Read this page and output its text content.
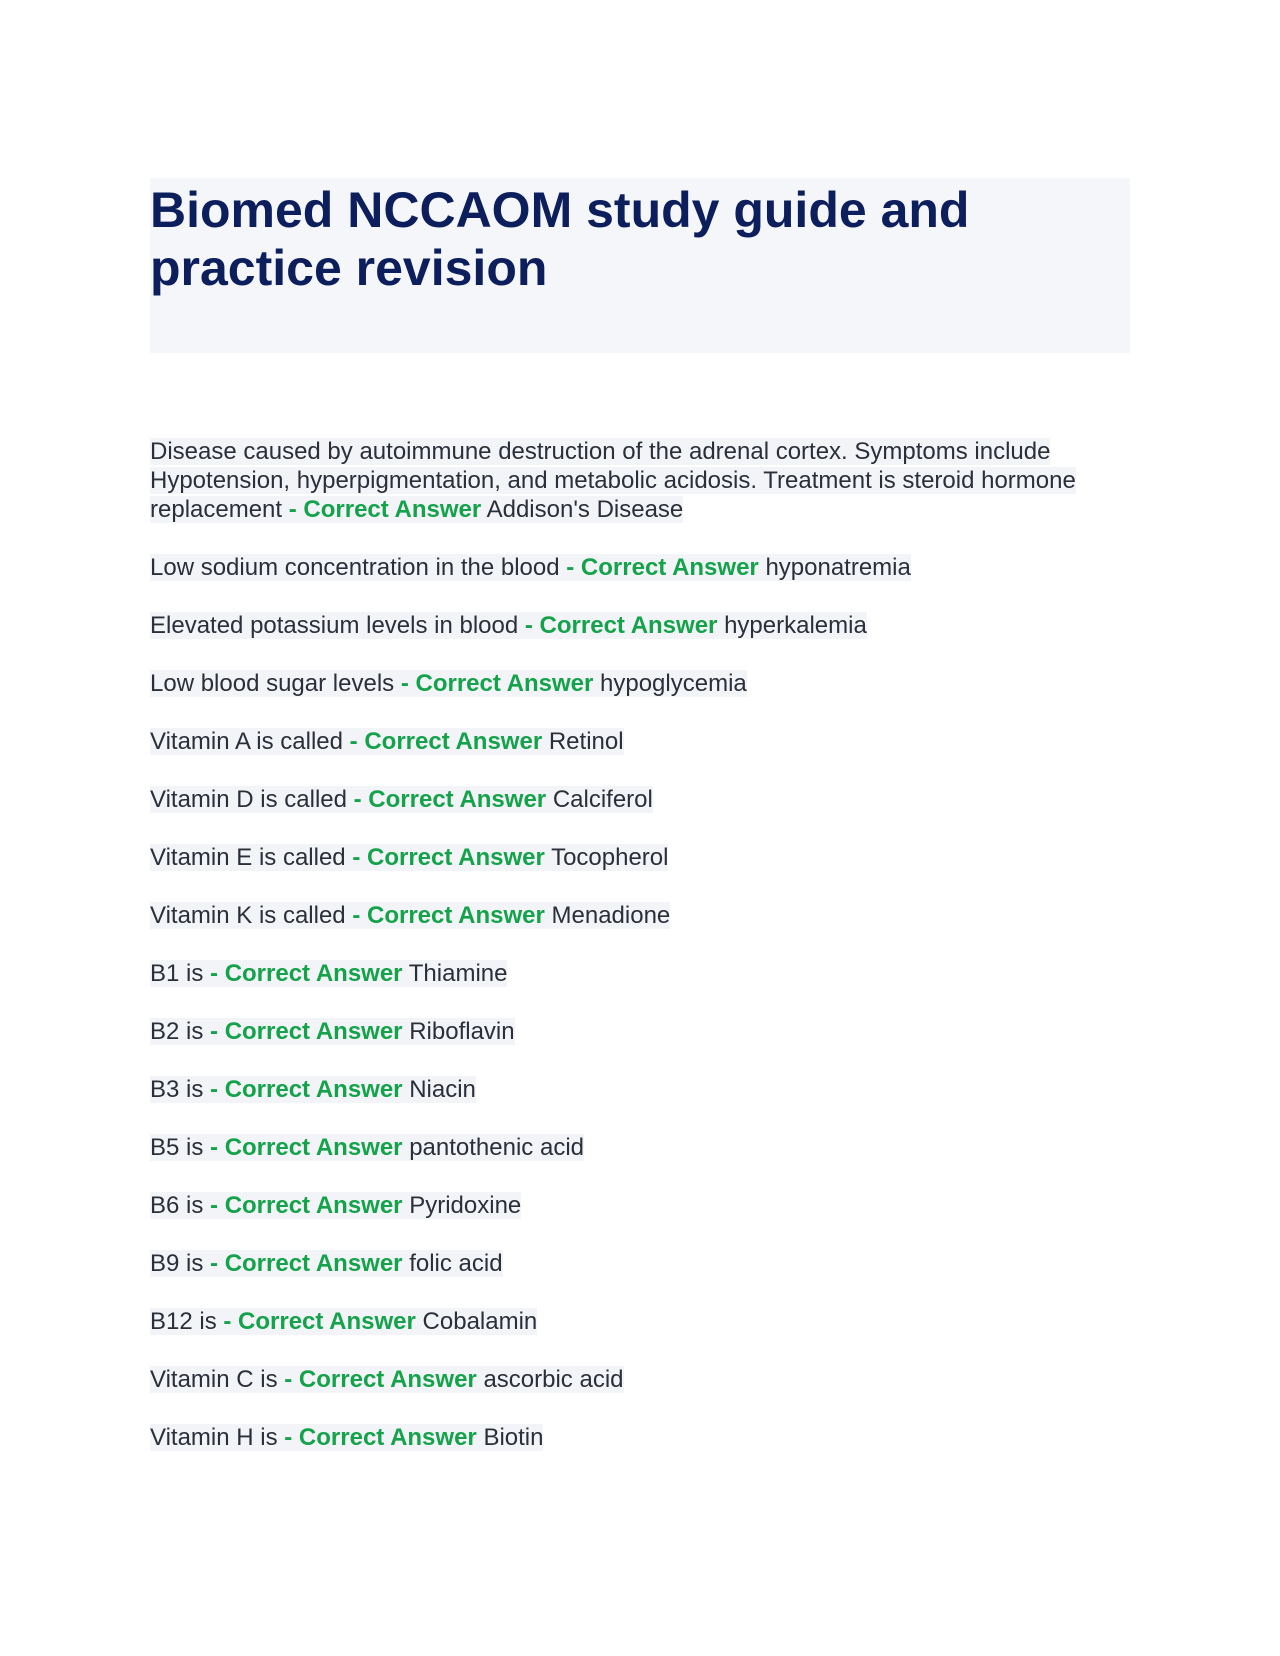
Biomed NCCAOM study guide and practice revision

Disease caused by autoimmune destruction of the adrenal cortex. Symptoms include Hypotension, hyperpigmentation, and metabolic acidosis. Treatment is steroid hormone replacement - Correct Answer Addison's Disease

Low sodium concentration in the blood - Correct Answer hyponatremia

Elevated potassium levels in blood - Correct Answer hyperkalemia

Low blood sugar levels - Correct Answer hypoglycemia

Vitamin A is called - Correct Answer Retinol

Vitamin D is called - Correct Answer Calciferol

Vitamin E is called - Correct Answer Tocopherol

Vitamin K is called - Correct Answer Menadione

B1 is - Correct Answer Thiamine

B2 is - Correct Answer Riboflavin

B3 is - Correct Answer Niacin

B5 is - Correct Answer pantothenic acid

B6 is - Correct Answer Pyridoxine

B9 is - Correct Answer folic acid

B12 is - Correct Answer Cobalamin

Vitamin C is - Correct Answer ascorbic acid

Vitamin H is - Correct Answer Biotin
